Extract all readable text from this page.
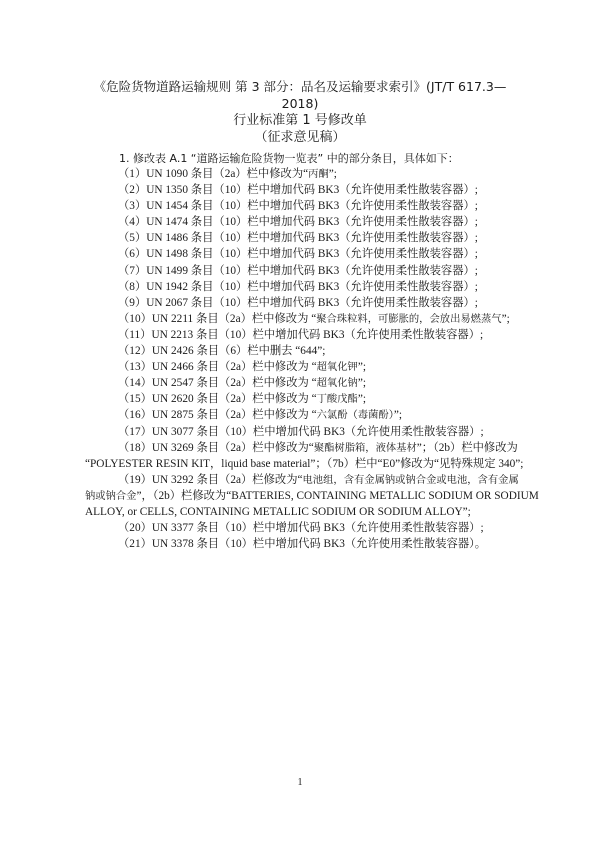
《危险货物道路运输规则 第 3 部分：品名及运输要求索引》(JT/T 617.3—
2018)
行业标准第 1 号修改单
（征求意见稿）
1. 修改表 A.1 “道路运输危险货物一览表” 中的部分条目，具体如下：
（1）UN 1090 条目（2a）栏中修改为“丙酮”;
（2）UN 1350 条目（10）栏中增加代码 BK3（允许使用柔性散装容器）;
（3）UN 1454 条目（10）栏中增加代码 BK3（允许使用柔性散装容器）;
（4）UN 1474 条目（10）栏中增加代码 BK3（允许使用柔性散装容器）;
（5）UN 1486 条目（10）栏中增加代码 BK3（允许使用柔性散装容器）;
（6）UN 1498 条目（10）栏中增加代码 BK3（允许使用柔性散装容器）;
（7）UN 1499 条目（10）栏中增加代码 BK3（允许使用柔性散装容器）;
（8）UN 1942 条目（10）栏中增加代码 BK3（允许使用柔性散装容器）;
（9）UN 2067 条目（10）栏中增加代码 BK3（允许使用柔性散装容器）;
（10）UN 2211 条目（2a）栏中修改为 “聚合珠粒料，可膨胀的，会放出易燃蒸气”;
（11）UN 2213 条目（10）栏中增加代码 BK3（允许使用柔性散装容器）;
（12）UN 2426 条目（6）栏中删去 “644”;
（13）UN 2466 条目（2a）栏中修改为 “超氧化钾”;
（14）UN 2547 条目（2a）栏中修改为 “超氧化钠”;
（15）UN 2620 条目（2a）栏中修改为 “丁酸戊酯”;
（16）UN 2875 条目（2a）栏中修改为 “六氯酚（毒菌酚）”;
（17）UN 3077 条目（10）栏中增加代码 BK3（允许使用柔性散装容器）;
（18）UN 3269 条目（2a）栏中修改为“聚酯树脂箱，液体基材”；（2b）栏中修改为
“POLYESTER RESIN KIT，liquid base material”；（7b）栏中“E0”修改为“见特殊规定 340”;
（19）UN 3292 条目（2a）栏修改为“电池组，含有金属钠或钠合金或电池，含有金属
钠或钠合金”，（2b）栏修改为“BATTERIES, CONTAINING METALLIC SODIUM OR SODIUM
ALLOY, or CELLS, CONTAINING METALLIC SODIUM OR SODIUM ALLOY”;
（20）UN 3377 条目（10）栏中增加代码 BK3（允许使用柔性散装容器）;
（21）UN 3378 条目（10）栏中增加代码 BK3（允许使用柔性散装容器）。
1
